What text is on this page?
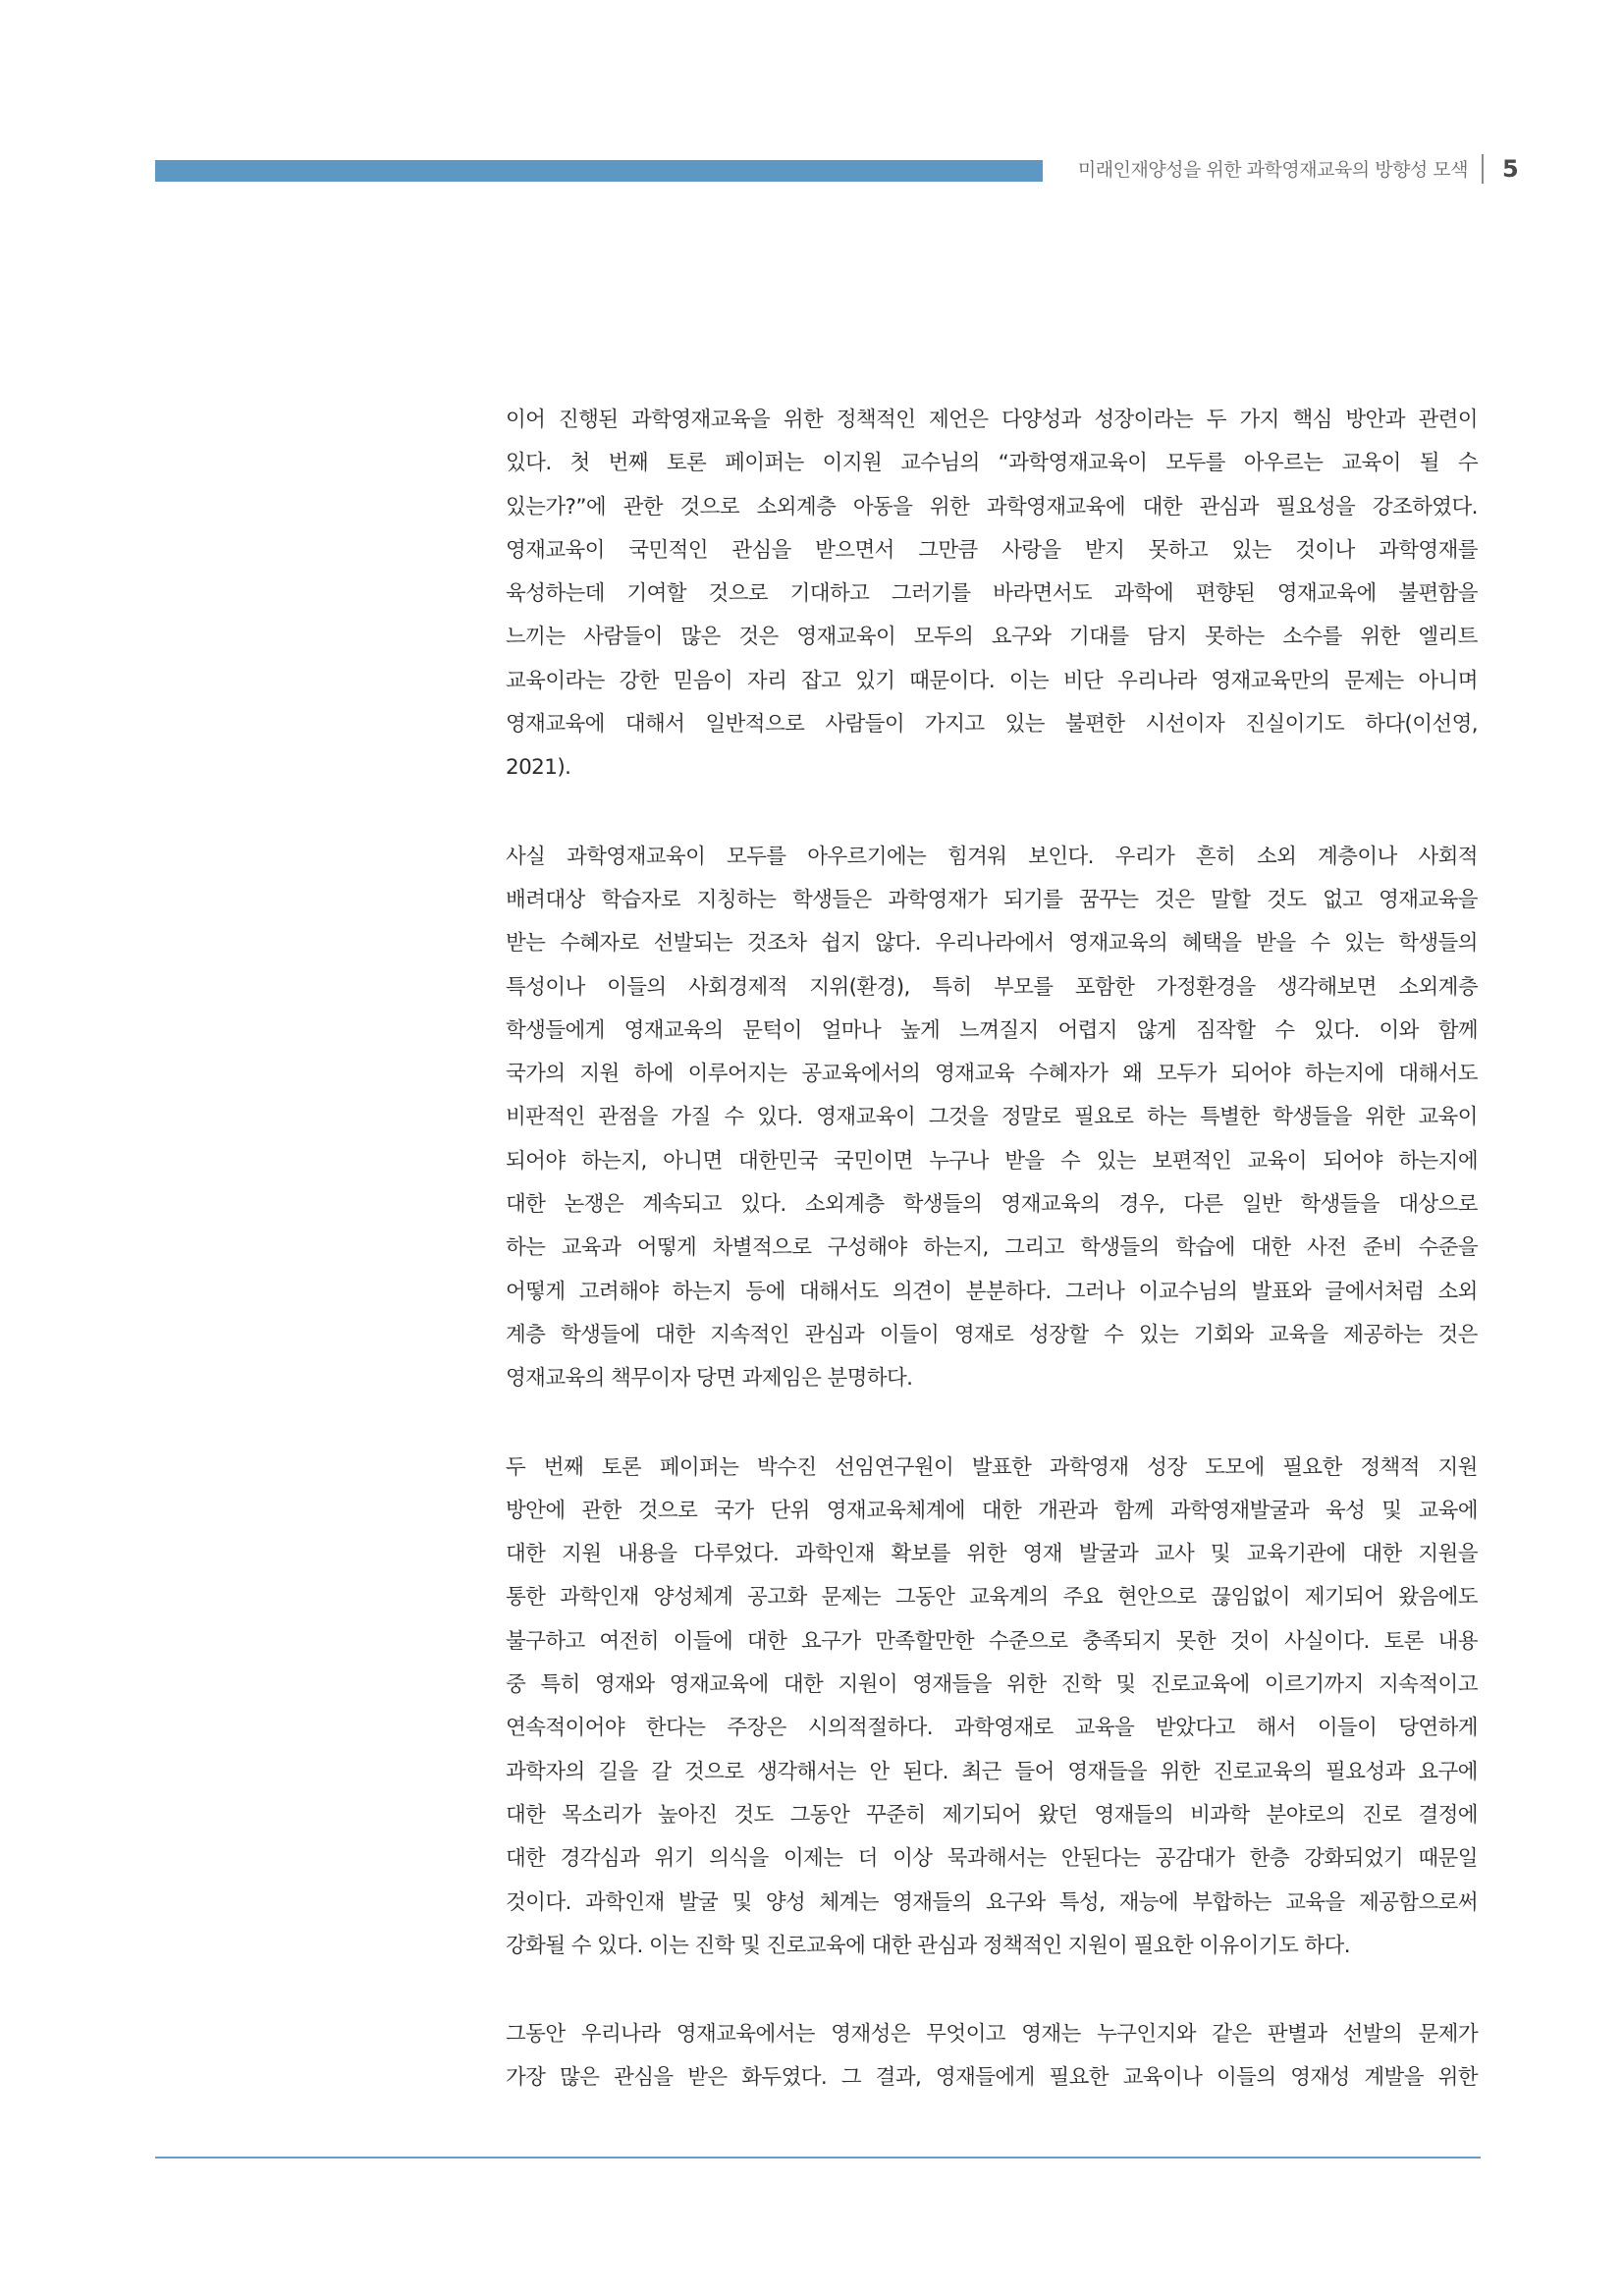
미래인재양성을 위한 과학영재교육의 방향성 모색 5
이어 진행된 과학영재교육을 위한 정책적인 제언은 다양성과 성장이라는 두 가지 핵심 방안과 관련이
있다. 첫 번째 토론 페이퍼는 이지원 교수님의 “과학영재교육이 모두를 아우르는 교육이 될 수
있는가?”에 관한 것으로 소외계층 아동을 위한 과학영재교육에 대한 관심과 필요성을 강조하였다.
영재교육이 국민적인 관심을 받으면서 그만큼 사랑을 받지 못하고 있는 것이나 과학영재를
육성하는데 기여할 것으로 기대하고 그러기를 바라면서도 과학에 편향된 영재교육에 불편함을
느끼는 사람들이 많은 것은 영재교육이 모두의 요구와 기대를 담지 못하는 소수를 위한 엘리트
교육이라는 강한 믿음이 자리 잡고 있기 때문이다. 이는 비단 우리나라 영재교육만의 문제는 아니며
영재교육에 대해서 일반적으로 사람들이 가지고 있는 불편한 시선이자 진실이기도 하다(이선영,
2021).
사실 과학영재교육이 모두를 아우르기에는 힘겨워 보인다. 우리가 흔히 소외 계층이나 사회적
배려대상 학습자로 지칭하는 학생들은 과학영재가 되기를 꿈꾸는 것은 말할 것도 없고 영재교육을
받는 수혜자로 선발되는 것조차 쉽지 않다. 우리나라에서 영재교육의 혜택을 받을 수 있는 학생들의
특성이나 이들의 사회경제적 지위(환경), 특히 부모를 포함한 가정환경을 생각해보면 소외계층
학생들에게 영재교육의 문턱이 얼마나 높게 느껴질지 어렵지 않게 짐작할 수 있다. 이와 함께
국가의 지원 하에 이루어지는 공교육에서의 영재교육 수혜자가 왜 모두가 되어야 하는지에 대해서도
비판적인 관점을 가질 수 있다. 영재교육이 그것을 정말로 필요로 하는 특별한 학생들을 위한 교육이
되어야 하는지, 아니면 대한민국 국민이면 누구나 받을 수 있는 보편적인 교육이 되어야 하는지에
대한 논쟁은 계속되고 있다. 소외계층 학생들의 영재교육의 경우, 다른 일반 학생들을 대상으로
하는 교육과 어떻게 차별적으로 구성해야 하는지, 그리고 학생들의 학습에 대한 사전 준비 수준을
어떻게 고려해야 하는지 등에 대해서도 의견이 분분하다. 그러나 이교수님의 발표와 글에서처럼 소외
계층 학생들에 대한 지속적인 관심과 이들이 영재로 성장할 수 있는 기회와 교육을 제공하는 것은
영재교육의 책무이자 당면 과제임은 분명하다.
두 번째 토론 페이퍼는 박수진 선임연구원이 발표한 과학영재 성장 도모에 필요한 정책적 지원
방안에 관한 것으로 국가 단위 영재교육체계에 대한 개관과 함께 과학영재발굴과 육성 및 교육에
대한 지원 내용을 다루었다. 과학인재 확보를 위한 영재 발굴과 교사 및 교육기관에 대한 지원을
통한 과학인재 양성체계 공고화 문제는 그동안 교육계의 주요 현안으로 끊임없이 제기되어 왔음에도
불구하고 여전히 이들에 대한 요구가 만족할만한 수준으로 충족되지 못한 것이 사실이다. 토론 내용
중 특히 영재와 영재교육에 대한 지원이 영재들을 위한 진학 및 진로교육에 이르기까지 지속적이고
연속적이어야 한다는 주장은 시의적절하다. 과학영재로 교육을 받았다고 해서 이들이 당연하게
과학자의 길을 갈 것으로 생각해서는 안 된다. 최근 들어 영재들을 위한 진로교육의 필요성과 요구에
대한 목소리가 높아진 것도 그동안 꾸준히 제기되어 왔던 영재들의 비과학 분야로의 진로 결정에
대한 경각심과 위기 의식을 이제는 더 이상 묵과해서는 안된다는 공감대가 한층 강화되었기 때문일
것이다. 과학인재 발굴 및 양성 체계는 영재들의 요구와 특성, 재능에 부합하는 교육을 제공함으로써
강화될 수 있다. 이는 진학 및 진로교육에 대한 관심과 정책적인 지원이 필요한 이유이기도 하다.
그동안 우리나라 영재교육에서는 영재성은 무엇이고 영재는 누구인지와 같은 판별과 선발의 문제가
가장 많은 관심을 받은 화두였다. 그 결과, 영재들에게 필요한 교육이나 이들의 영재성 계발을 위한
